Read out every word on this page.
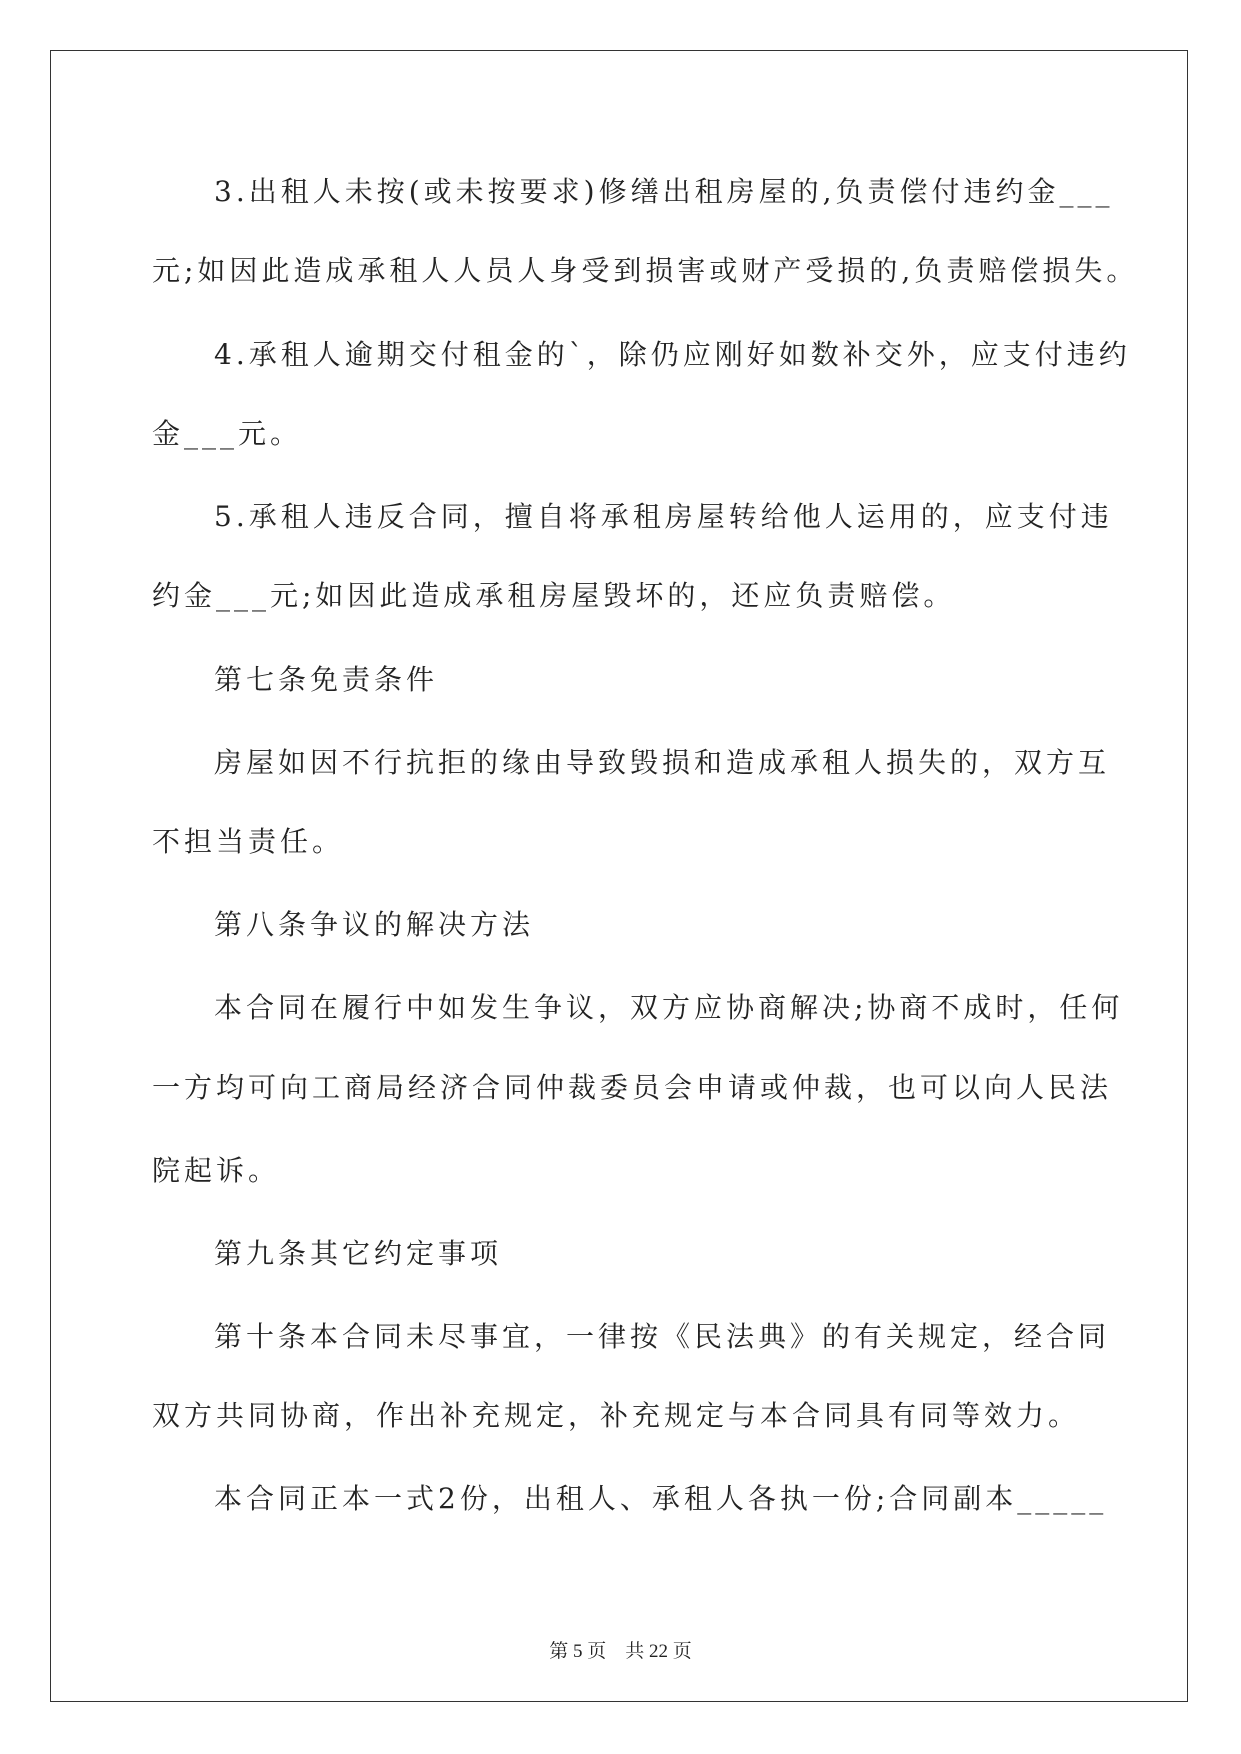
3.出租人未按(或未按要求)修缮出租房屋的,负责偿付违约金___
元;如因此造成承租人人员人身受到损害或财产受损的,负责赔偿损失。
4.承租人逾期交付租金的`，除仍应刚好如数补交外，应支付违约
金___元。
5.承租人违反合同，擅自将承租房屋转给他人运用的，应支付违
约金___元;如因此造成承租房屋毁坏的，还应负责赔偿。
第七条免责条件
房屋如因不行抗拒的缘由导致毁损和造成承租人损失的，双方互
不担当责任。
第八条争议的解决方法
本合同在履行中如发生争议，双方应协商解决;协商不成时，任何
一方均可向工商局经济合同仲裁委员会申请或仲裁，也可以向人民法
院起诉。
第九条其它约定事项
第十条本合同未尽事宜，一律按《民法典》的有关规定，经合同
双方共同协商，作出补充规定，补充规定与本合同具有同等效力。
本合同正本一式2份，出租人、承租人各执一份;合同副本_____
第 5 页 共 22 页
